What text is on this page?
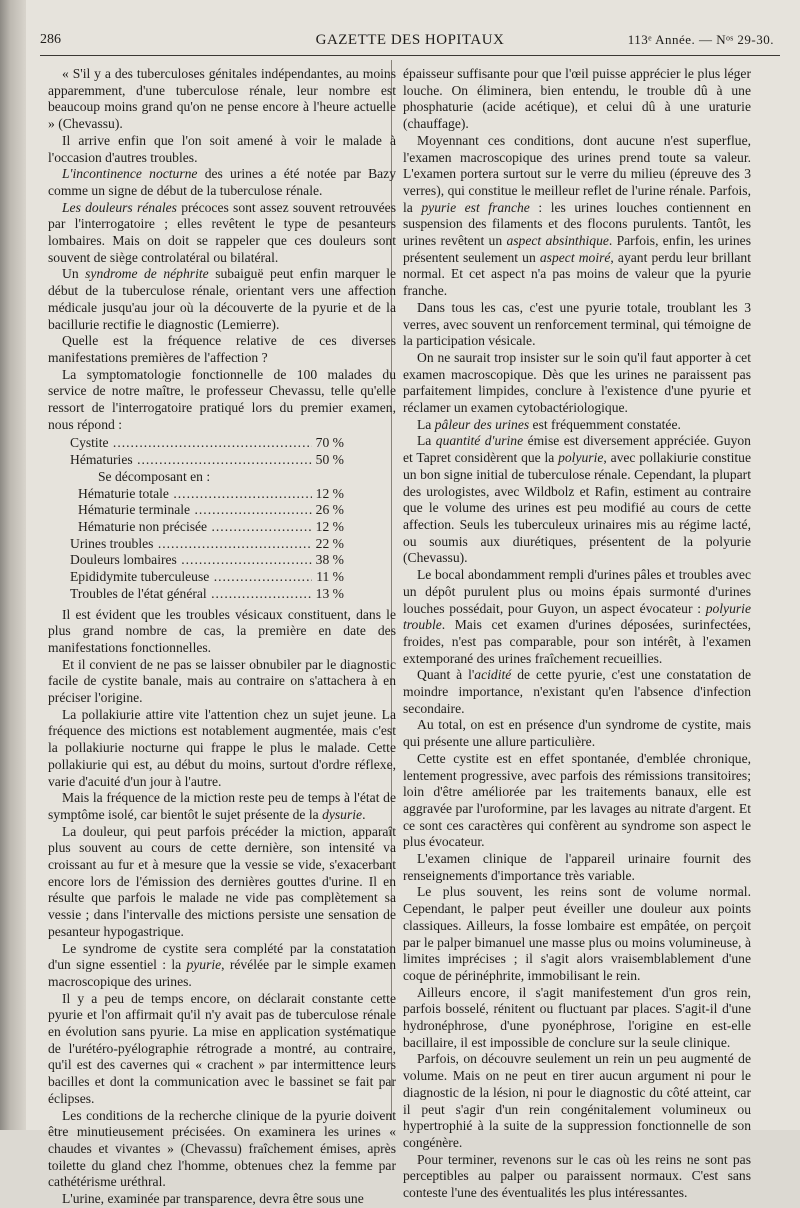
286	GAZETTE DES HOPITAUX	113ᵉ Année. — Nᵒˢ 29-30.

« S'il y a des tuberculoses génitales indépendantes, au moins apparemment, d'une tuberculose rénale, leur nombre est beaucoup moins grand qu'on ne pense encore à l'heure actuelle » (Chevassu).

Il arrive enfin que l'on soit amené à voir le malade à l'occasion d'autres troubles.

L'incontinence nocturne des urines a été notée par Bazy comme un signe de début de la tuberculose rénale.

Les douleurs rénales précoces sont assez souvent retrouvées par l'interrogatoire ; elles revêtent le type de pesanteurs lombaires. Mais on doit se rappeler que ces douleurs sont souvent de siège controlatéral ou bilatéral.

Un syndrome de néphrite subaiguë peut enfin marquer le début de la tuberculose rénale, orientant vers une affection médicale jusqu'au jour où la découverte de la pyurie et de la bacillurie rectifie le diagnostic (Lemierre).

Quelle est la fréquence relative de ces diverses manifestations premières de l'affection ?

La symptomatologie fonctionnelle de 100 malades du service de notre maître, le professeur Chevassu, telle qu'elle ressort de l'interrogatoire pratiqué lors du premier examen, nous répond :

Cystite .....	70 %
Hématuries .....	50 %
Se décomposant en :
Hématurie totale .....	12 %
Hématurie terminale .....	26 %
Hématurie non précisée .....	12 %
Urines troubles .....	22 %
Douleurs lombaires .....	38 %
Epididymite tuberculeuse .....	11 %
Troubles de l'état général .....	13 %

Il est évident que les troubles vésicaux constituent, dans le plus grand nombre de cas, la première en date des manifestations fonctionnelles.

Et il convient de ne pas se laisser obnubiler par le diagnostic facile de cystite banale, mais au contraire on s'attachera à en préciser l'origine.

La pollakiurie attire vite l'attention chez un sujet jeune. La fréquence des mictions est notablement augmentée, mais c'est la pollakiurie nocturne qui frappe le plus le malade. Cette pollakiurie qui est, au début du moins, surtout d'ordre réflexe, varie d'acuité d'un jour à l'autre.

Mais la fréquence de la miction reste peu de temps à l'état de symptôme isolé, car bientôt le sujet présente de la dysurie.

La douleur, qui peut parfois précéder la miction, apparaît plus souvent au cours de cette dernière, son intensité va croissant au fur et à mesure que la vessie se vide, s'exacerbant encore lors de l'émission des dernières gouttes d'urine. Il en résulte que parfois le malade ne vide pas complètement sa vessie ; dans l'intervalle des mictions persiste une sensation de pesanteur hypogastrique.

Le syndrome de cystite sera complété par la constatation d'un signe essentiel : la pyurie, révélée par le simple examen macroscopique des urines.

Il y a peu de temps encore, on déclarait constante cette pyurie et l'on affirmait qu'il n'y avait pas de tuberculose rénale en évolution sans pyurie. La mise en application systématique de l'urétéro-pyélographie rétrograde a montré, au contraire, qu'il est des cavernes qui « crachent » par intermittence leurs bacilles et dont la communication avec le bassinet se fait par éclipses.

Les conditions de la recherche clinique de la pyurie doivent être minutieusement précisées. On examinera les urines « chaudes et vivantes » (Chevassu) fraîchement émises, après toilette du gland chez l'homme, obtenues chez la femme par cathétérisme uréthral.

L'urine, examinée par transparence, devra être sous une

épaisseur suffisante pour que l'œil puisse apprécier le plus léger louche. On éliminera, bien entendu, le trouble dû à une phosphaturie (acide acétique), et celui dû à une uraturie (chauffage).

Moyennant ces conditions, dont aucune n'est superflue, l'examen macroscopique des urines prend toute sa valeur. L'examen portera surtout sur le verre du milieu (épreuve des 3 verres), qui constitue le meilleur reflet de l'urine rénale. Parfois, la pyurie est franche : les urines louches contiennent en suspension des filaments et des flocons purulents. Tantôt, les urines revêtent un aspect absinthique. Parfois, enfin, les urines présentent seulement un aspect moiré, ayant perdu leur brillant normal. Et cet aspect n'a pas moins de valeur que la pyurie franche.

Dans tous les cas, c'est une pyurie totale, troublant les 3 verres, avec souvent un renforcement terminal, qui témoigne de la participation vésicale.

On ne saurait trop insister sur le soin qu'il faut apporter à cet examen macroscopique. Dès que les urines ne paraissent pas parfaitement limpides, conclure à l'existence d'une pyurie et réclamer un examen cytobactériologique.

La pâleur des urines est fréquemment constatée.

La quantité d'urine émise est diversement appréciée. Guyon et Tapret considèrent que la polyurie, avec pollakiurie constitue un bon signe initial de tuberculose rénale. Cependant, la plupart des urologistes, avec Wildbolz et Rafin, estiment au contraire que le volume des urines est peu modifié au cours de cette affection. Seuls les tuberculeux urinaires mis au régime lacté, ou soumis aux diurétiques, présentent de la polyurie (Chevassu).

Le bocal abondamment rempli d'urines pâles et troubles avec un dépôt purulent plus ou moins épais surmonté d'urines louches possédait, pour Guyon, un aspect évocateur : polyurie trouble. Mais cet examen d'urines déposées, surinfectées, froides, n'est pas comparable, pour son intérêt, à l'examen extemporané des urines fraîchement recueillies.

Quant à l'acidité de cette pyurie, c'est une constatation de moindre importance, n'existant qu'en l'absence d'infection secondaire.

Au total, on est en présence d'un syndrome de cystite, mais qui présente une allure particulière.

Cette cystite est en effet spontanée, d'emblée chronique, lentement progressive, avec parfois des rémissions transitoires; loin d'être améliorée par les traitements banaux, elle est aggravée par l'uroformine, par les lavages au nitrate d'argent. Et ce sont ces caractères qui confèrent au syndrome son aspect le plus évocateur.

L'examen clinique de l'appareil urinaire fournit des renseignements d'importance très variable.

Le plus souvent, les reins sont de volume normal. Cependant, le palper peut éveiller une douleur aux points classiques. Ailleurs, la fosse lombaire est empâtée, on perçoit par le palper bimanuel une masse plus ou moins volumineuse, à limites imprécises ; il s'agit alors vraisemblablement d'une coque de périnéphrite, immobilisant le rein.

Ailleurs encore, il s'agit manifestement d'un gros rein, parfois bosselé, rénitent ou fluctuant par places. S'agit-il d'une hydronéphrose, d'une pyonéphrose, l'origine en est-elle bacillaire, il est impossible de conclure sur la seule clinique.

Parfois, on découvre seulement un rein un peu augmenté de volume. Mais on ne peut en tirer aucun argument ni pour le diagnostic de la lésion, ni pour le diagnostic du côté atteint, car il peut s'agir d'un rein congénitalement volumineux ou hypertrophié à la suite de la suppression fonctionnelle de son congénère.

Pour terminer, revenons sur le cas où les reins ne sont pas perceptibles au palper ou paraissent normaux. C'est sans conteste l'une des éventualités les plus intéressantes.
